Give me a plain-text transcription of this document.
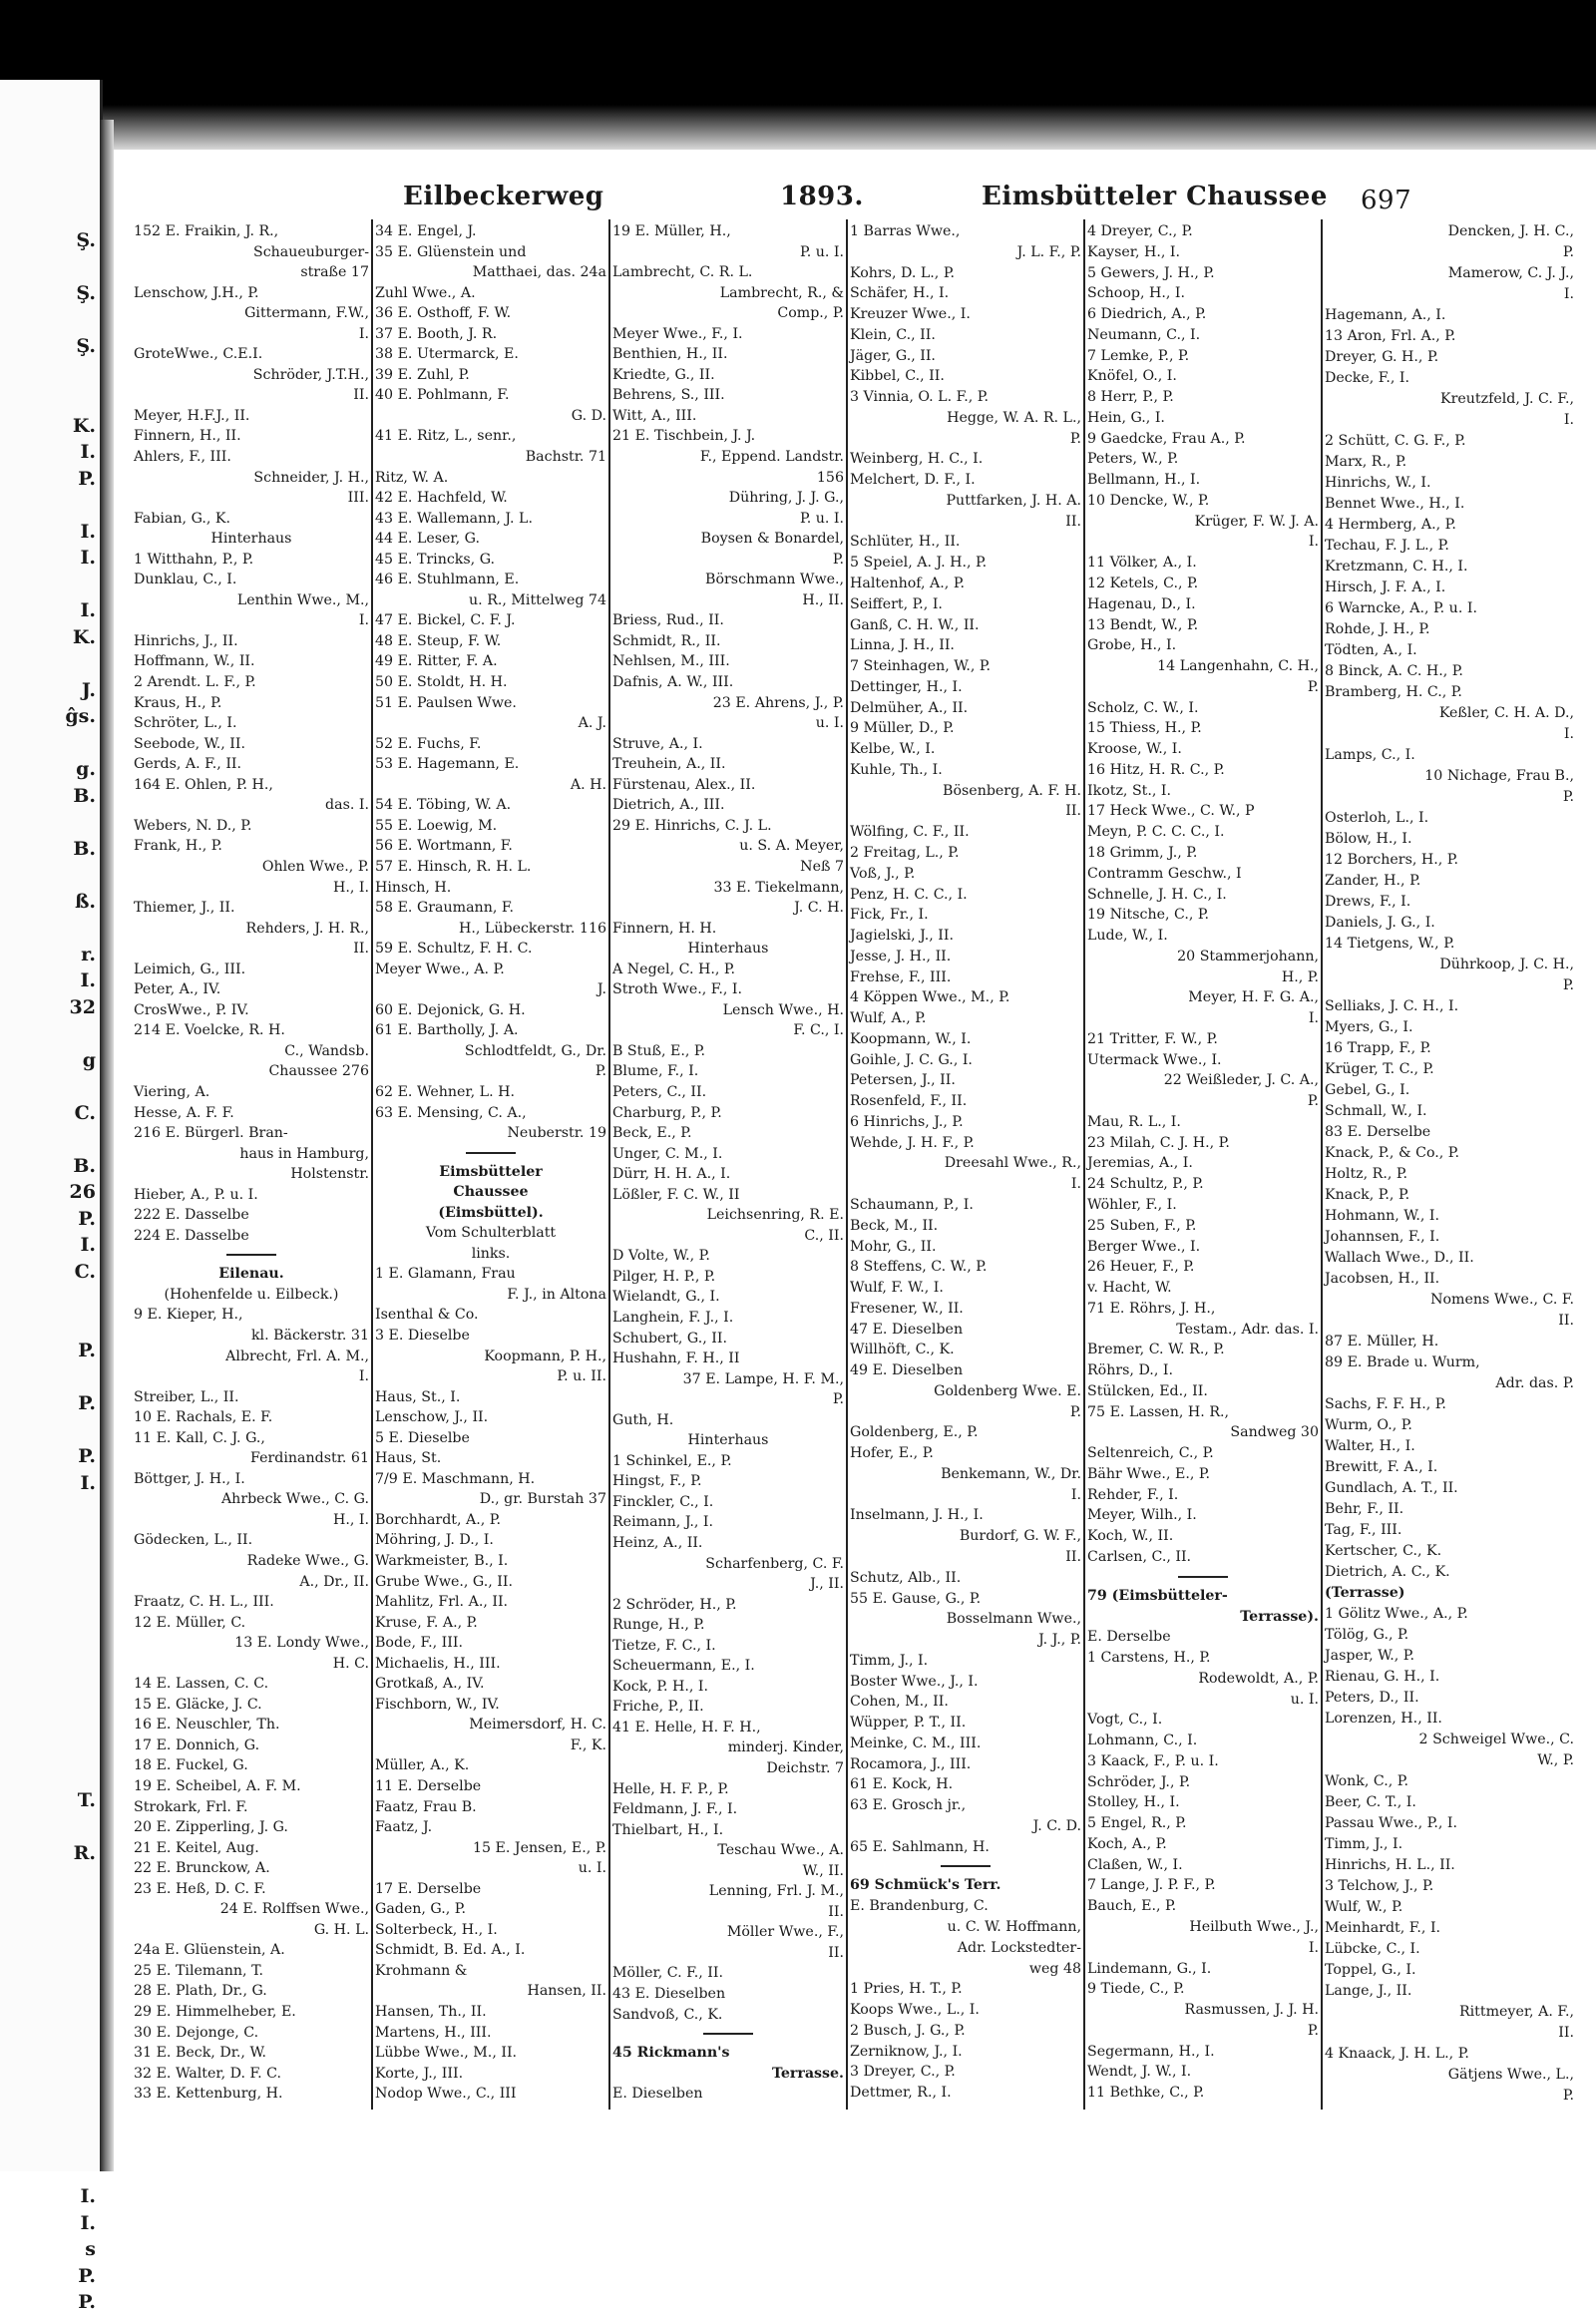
Ş.
Ş.
Ş.
K.
I.
P.
I.
I.
I.
K.
J.
ĝs.
g.
B.
B.
ß.
r.
I.
32
g
C.
B.
26
P.
I.
C.
P.
P.
P.
I.
T.
R.
I.
I.
s
P.
P.
Eilbeckerweg	1893.	Eimsbütteler Chaussee 697
152 E. Fraikin, J. R.,
Schaueuburger-
straße 17
Lenschow, J.H., P.
Gittermann, F.W.,
I.
GroteWwe., C.E.I.
Schröder, J.T.H.,
II.
Meyer, H.F.J., II.
Finnern, H., II.
Ahlers, F., III.
Schneider, J. H.,
III.
Fabian, G., K.
Hinterhaus
1 Witthahn, P., P.
Dunklau, C., I.
Lenthin Wwe., M.,
I.
Hinrichs, J., II.
Hoffmann, W., II.
2 Arendt. L. F., P.
Kraus, H., P.
Schröter, L., I.
Seebode, W., II.
Gerds, A. F., II.
164 E. Ohlen, P. H.,
das. I.
Webers, N. D., P.
Frank, H., P.
Ohlen Wwe., P.
H., I.
Thiemer, J., II.
Rehders, J. H. R.,
II.
Leimich, G., III.
Peter, A., IV.
CrosWwe., P. IV.
214 E. Voelcke, R. H.
C., Wandsb.
Chaussee 276
Viering, A.
Hesse, A. F. F.
216 E. Bürgerl. Bran-
haus in Hamburg,
Holstenstr.
Hieber, A., P. u. I.
222 E. Dasselbe
224 E. Dasselbe
Eilenau.
(Hohenfelde u. Eilbeck.)
9 E. Kieper, H.,
kl. Bäckerstr. 31
Albrecht, Frl. A. M.,
I.
Streiber, L., II.
10 E. Rachals, E. F.
11 E. Kall, C. J. G.,
Ferdinandstr. 61
Böttger, J. H., I.
Ahrbeck Wwe., C. G.
H., I.
Gödecken, L., II.
Radeke Wwe., G.
A., Dr., II.
Fraatz, C. H. L., III.
12 E. Müller, C.
13 E. Londy Wwe.,
H. C.
14 E. Lassen, C. C.
15 E. Gläcke, J. C.
16 E. Neuschler, Th.
17 E. Donnich, G.
18 E. Fuckel, G.
19 E. Scheibel, A. F. M.
Strokark, Frl. F.
20 E. Zipperling, J. G.
21 E. Keitel, Aug.
22 E. Brunckow, A.
23 E. Heß, D. C. F.
24 E. Rolffsen Wwe.,
G. H. L.
24a E. Glüenstein, A.
25 E. Tilemann, T.
28 E. Plath, Dr., G.
29 E. Himmelheber, E.
30 E. Dejonge, C.
31 E. Beck, Dr., W.
32 E. Walter, D. F. C.
33 E. Kettenburg, H.
34 E. Engel, J.
35 E. Glüenstein und
Matthaei, das. 24a
Zuhl Wwe., A.
36 E. Osthoff, F. W.
37 E. Booth, J. R.
38 E. Utermarck, E.
39 E. Zuhl, P.
40 E. Pohlmann, F.
G. D.
41 E. Ritz, L., senr.,
Bachstr. 71
Ritz, W. A.
42 E. Hachfeld, W.
43 E. Wallemann, J. L.
44 E. Leser, G.
45 E. Trincks, G.
46 E. Stuhlmann, E.
u. R., Mittelweg 74
47 E. Bickel, C. F. J.
48 E. Steup, F. W.
49 E. Ritter, F. A.
50 E. Stoldt, H. H.
51 E. Paulsen Wwe.
A. J.
52 E. Fuchs, F.
53 E. Hagemann, E.
A. H.
54 E. Töbing, W. A.
55 E. Loewig, M.
56 E. Wortmann, F.
57 E. Hinsch, R. H. L.
Hinsch, H.
58 E. Graumann, F.
H., Lübeckerstr. 116
59 E. Schultz, F. H. C.
Meyer Wwe., A. P.
J.
60 E. Dejonick, G. H.
61 E. Bartholly, J. A.
Schlodtfeldt, G., Dr.
P.
62 E. Wehner, L. H.
63 E. Mensing, C. A.,
Neuberstr. 19
Eimsbütteler
Chaussee
(Eimsbüttel).
Vom Schulterblatt
links.
1 E. Glamann, Frau
F. J., in Altona
Isenthal & Co.
3 E. Dieselbe
Koopmann, P. H.,
P. u. II.
Haus, St., I.
Lenschow, J., II.
5 E. Dieselbe
Haus, St.
7/9 E. Maschmann, H.
D., gr. Burstah 37
Borchhardt, A., P.
Möhring, J. D., I.
Warkmeister, B., I.
Grube Wwe., G., II.
Mahlitz, Frl. A., II.
Kruse, F. A., P.
Bode, F., III.
Michaelis, H., III.
Grotkaß, A., IV.
Fischborn, W., IV.
Meimersdorf, H. C.
F., K.
Müller, A., K.
11 E. Derselbe
Faatz, Frau B.
Faatz, J.
15 E. Jensen, E., P.
u. I.
17 E. Derselbe
Gaden, G., P.
Solterbeck, H., I.
Schmidt, B. Ed. A., I.
Krohmann &
Hansen, II.
Hansen, Th., II.
Martens, H., III.
Lübbe Wwe., M., II.
Korte, J., III.
Nodop Wwe., C., III
19 E. Müller, H.,
P. u. I.
Lambrecht, C. R. L.
Lambrecht, R., &
Comp., P.
Meyer Wwe., F., I.
Benthien, H., II.
Kriedte, G., II.
Behrens, S., III.
Witt, A., III.
21 E. Tischbein, J. J.
F., Eppend. Landstr.
156
Dühring, J. J. G.,
P. u. I.
Boysen & Bonardel,
P.
Börschmann Wwe.,
H., II.
Briess, Rud., II.
Schmidt, R., II.
Nehlsen, M., III.
Dafnis, A. W., III.
23 E. Ahrens, J., P.
u. I.
Struve, A., I.
Treuhein, A., II.
Fürstenau, Alex., II.
Dietrich, A., III.
29 E. Hinrichs, C. J. L.
u. S. A. Meyer,
Neß 7
33 E. Tiekelmann,
J. C. H.
Finnern, H. H.
Hinterhaus
A Negel, C. H., P.
Stroth Wwe., F., I.
Lensch Wwe., H.
F. C., I.
B Stuß, E., P.
Blume, F., I.
Peters, C., II.
Charburg, P., P.
Beck, E., P.
Unger, C. M., I.
Dürr, H. H. A., I.
Lößler, F. C. W., II
Leichsenring, R. E.
C., II.
D Volte, W., P.
Pilger, H. P., P.
Wielandt, G., I.
Langhein, F. J., I.
Schubert, G., II.
Hushahn, F. H., II
37 E. Lampe, H. F. M.,
P.
Guth, H.
Hinterhaus
1 Schinkel, E., P.
Hingst, F., P.
Finckler, C., I.
Reimann, J., I.
Heinz, A., II.
Scharfenberg, C. F.
J., II.
2 Schröder, H., P.
Runge, H., P.
Tietze, F. C., I.
Scheuermann, E., I.
Kock, P. H., I.
Friche, P., II.
41 E. Helle, H. F. H.,
minderj. Kinder,
Deichstr. 7
Helle, H. F. P., P.
Feldmann, J. F., I.
Thielbart, H., I.
Teschau Wwe., A.
W., II.
Lenning, Frl. J. M.,
II.
Möller Wwe., F.,
II.
Möller, C. F., II.
43 E. Dieselben
Sandvoß, C., K.
45 Rickmann's
Terrasse.
E. Dieselben
1 Barras Wwe.,
J. L. F., P.
Kohrs, D. L., P.
Schäfer, H., I.
Kreuzer Wwe., I.
Klein, C., II.
Jäger, G., II.
Kibbel, C., II.
3 Vinnia, O. L. F., P.
Hegge, W. A. R. L.,
P.
Weinberg, H. C., I.
Melchert, D. F., I.
Puttfarken, J. H. A.
II.
Schlüter, H., II.
5 Speiel, A. J. H., P.
Haltenhof, A., P.
Seiffert, P., I.
Ganß, C. H. W., II.
Linna, J. H., II.
7 Steinhagen, W., P.
Dettinger, H., I.
Delmüher, A., II.
9 Müller, D., P.
Kelbe, W., I.
Kuhle, Th., I.
Bösenberg, A. F. H.
II.
Wölfing, C. F., II.
2 Freitag, L., P.
Voß, J., P.
Penz, H. C. C., I.
Fick, Fr., I.
Jagielski, J., II.
Jesse, J. H., II.
Frehse, F., III.
4 Köppen Wwe., M., P.
Wulf, A., P.
Koopmann, W., I.
Goihle, J. C. G., I.
Petersen, J., II.
Rosenfeld, F., II.
6 Hinrichs, J., P.
Wehde, J. H. F., P.
Dreesahl Wwe., R.,
I.
Schaumann, P., I.
Beck, M., II.
Mohr, G., II.
8 Steffens, C. W., P.
Wulf, F. W., I.
Fresener, W., II.
47 E. Dieselben
Willhöft, C., K.
49 E. Dieselben
Goldenberg Wwe. E.
P.
Goldenberg, E., P.
Hofer, E., P.
Benkemann, W., Dr.
I.
Inselmann, J. H., I.
Burdorf, G. W. F.,
II.
Schutz, Alb., II.
55 E. Gause, G., P.
Bosselmann Wwe.,
J. J., P.
Timm, J., I.
Boster Wwe., J., I.
Cohen, M., II.
Wüpper, P. T., II.
Meinke, C. M., III.
Rocamora, J., III.
61 E. Kock, H.
63 E. Grosch jr.,
J. C. D.
65 E. Sahlmann, H.
69 Schmück's Terr.
E. Brandenburg, C.
u. C. W. Hoffmann,
Adr. Lockstedter-
weg 48
1 Pries, H. T., P.
Koops Wwe., L., I.
2 Busch, J. G., P.
Zerniknow, J., I.
3 Dreyer, C., P.
Dettmer, R., I.
4 Dreyer, C., P.
Kayser, H., I.
5 Gewers, J. H., P.
Schoop, H., I.
6 Diedrich, A., P.
Neumann, C., I.
7 Lemke, P., P.
Knöfel, O., I.
8 Herr, P., P.
Hein, G., I.
9 Gaedcke, Frau A., P.
Peters, W., P.
Bellmann, H., I.
10 Dencke, W., P.
Krüger, F. W. J. A.
I.
11 Völker, A., I.
12 Ketels, C., P.
Hagenau, D., I.
13 Bendt, W., P.
Grobe, H., I.
14 Langenhahn, C. H.,
P.
Scholz, C. W., I.
15 Thiess, H., P.
Kroose, W., I.
16 Hitz, H. R. C., P.
Ikotz, St., I.
17 Heck Wwe., C. W., P
Meyn, P. C. C. C., I.
18 Grimm, J., P.
Contramm Geschw., I
Schnelle, J. H. C., I.
19 Nitsche, C., P.
Lude, W., I.
20 Stammerjohann,
H., P.
Meyer, H. F. G. A.,
I.
21 Tritter, F. W., P.
Utermack Wwe., I.
22 Weißleder, J. C. A.,
P.
Mau, R. L., I.
23 Milah, C. J. H., P.
Jeremias, A., I.
24 Schultz, P., P.
Wöhler, F., I.
25 Suben, F., P.
Berger Wwe., I.
26 Heuer, F., P.
v. Hacht, W.
71 E. Röhrs, J. H.,
Testam., Adr. das. I.
Bremer, C. W. R., P.
Röhrs, D., I.
Stülcken, Ed., II.
75 E. Lassen, H. R.,
Sandweg 30
Seltenreich, C., P.
Bähr Wwe., E., P.
Rehder, F., I.
Meyer, Wilh., I.
Koch, W., II.
Carlsen, C., II.
79 (Eimsbütteler-
Terrasse).
E. Derselbe
1 Carstens, H., P.
Rodewoldt, A., P.
u. I.
Vogt, C., I.
Lohmann, C., I.
3 Kaack, F., P. u. I.
Schröder, J., P.
Stolley, H., I.
5 Engel, R., P.
Koch, A., P.
Claßen, W., I.
7 Lange, J. P. F., P.
Bauch, E., P.
Heilbuth Wwe., J.,
I.
Lindemann, G., I.
9 Tiede, C., P.
Rasmussen, J. J. H.
P.
Segermann, H., I.
Wendt, J. W., I.
11 Bethke, C., P.
Dencken, J. H. C.,
P.
Mamerow, C. J. J.,
I.
Hagemann, A., I.
13 Aron, Frl. A., P.
Dreyer, G. H., P.
Decke, F., I.
Kreutzfeld, J. C. F.,
I.
2 Schütt, C. G. F., P.
Marx, R., P.
Hinrichs, W., I.
Bennet Wwe., H., I.
4 Hermberg, A., P.
Techau, F. J. L., P.
Kretzmann, C. H., I.
Hirsch, J. F. A., I.
6 Warncke, A., P. u. I.
Rohde, J. H., P.
Tödten, A., I.
8 Binck, A. C. H., P.
Bramberg, H. C., P.
Keßler, C. H. A. D.,
I.
Lamps, C., I.
10 Nichage, Frau B.,
P.
Osterloh, L., I.
Bölow, H., I.
12 Borchers, H., P.
Zander, H., P.
Drews, F., I.
Daniels, J. G., I.
14 Tietgens, W., P.
Dührkoop, J. C. H.,
P.
Selliaks, J. C. H., I.
Myers, G., I.
16 Trapp, F., P.
Krüger, T. C., P.
Gebel, G., I.
Schmall, W., I.
83 E. Derselbe
Knack, P., & Co., P.
Holtz, R., P.
Knack, P., P.
Hohmann, W., I.
Johannsen, F., I.
Wallach Wwe., D., II.
Jacobsen, H., II.
Nomens Wwe., C. F.
II.
87 E. Müller, H.
89 E. Brade u. Wurm,
Adr. das. P.
Sachs, F. F. H., P.
Wurm, O., P.
Walter, H., I.
Brewitt, F. A., I.
Gundlach, A. T., II.
Behr, F., II.
Tag, F., III.
Kertscher, C., K.
Dietrich, A. C., K.
(Terrasse)
1 Gölitz Wwe., A., P.
Tölög, G., P.
Jasper, W., P.
Rienau, G. H., I.
Peters, D., II.
Lorenzen, H., II.
2 Schweigel Wwe., C.
W., P.
Wonk, C., P.
Beer, C. T., I.
Passau Wwe., P., I.
Timm, J., I.
Hinrichs, H. L., II.
3 Telchow, J., P.
Wulf, W., P.
Meinhardt, F., I.
Lübcke, C., I.
Toppel, G., I.
Lange, J., II.
Rittmeyer, A. F.,
II.
4 Knaack, J. H. L., P.
Gätjens Wwe., L.,
P.
